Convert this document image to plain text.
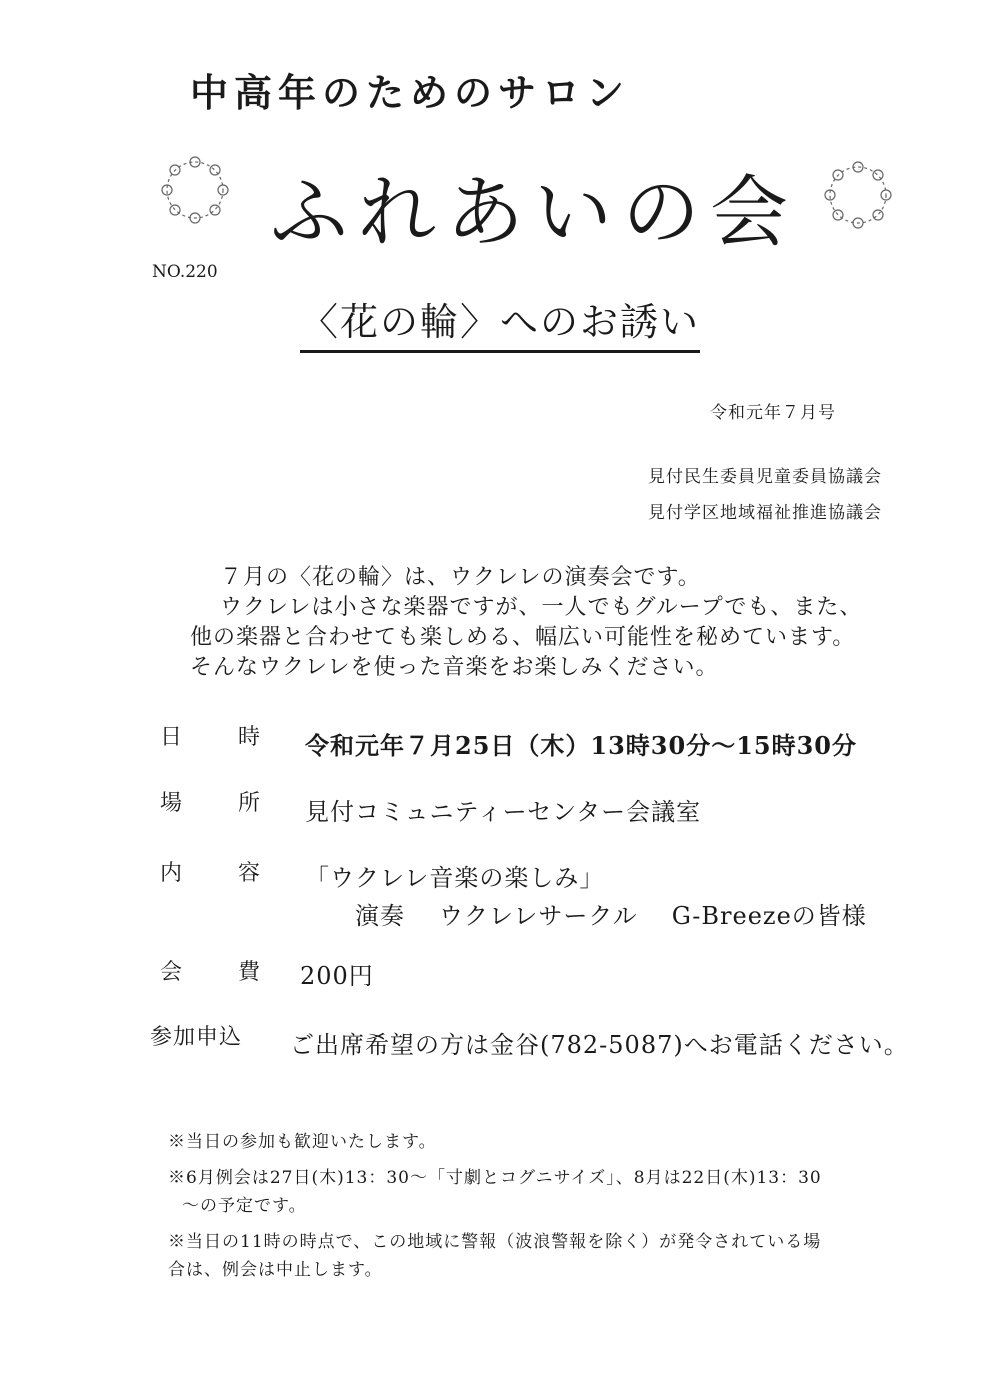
中高年のためのサロン
ふれあいの会
NO.220
〈花の輪〉へのお誘い
令和元年７月号
見付民生委員児童委員協議会
見付学区地域福祉推進協議会
７月の〈花の輪〉は、ウクレレの演奏会です。
ウクレレは小さな楽器ですが、一人でもグループでも、また、
他の楽器と合わせても楽しめる、幅広い可能性を秘めています。
そんなウクレレを使った音楽をお楽しみください。
日	時 令和元年７月25日（木）13時30分～15時30分
場	所 見付コミュニティーセンター会議室
内	容 「ウクレレ音楽の楽しみ」
演奏 ウクレレサークル G-Breezeの皆様
会	費 200円
参加申込 ご出席希望の方は金谷(782-5087)へお電話ください。
※当日の参加も歓迎いたします。
※6月例会は27日(木)13：30～「寸劇とコグニサイズ」、8月は22日(木)13：30
～の予定です。
※当日の11時の時点で、この地域に警報（波浪警報を除く）が発令されている場
合は、例会は中止します。
